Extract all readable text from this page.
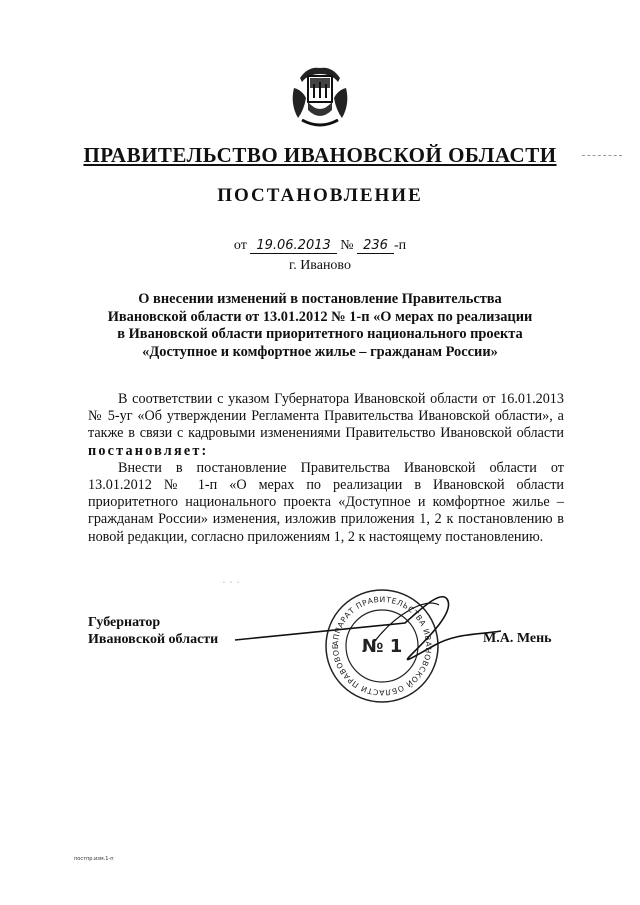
ПРАВИТЕЛЬСТВО ИВАНОВСКОЙ ОБЛАСТИ
ПОСТАНОВЛЕНИЕ
от 19.06.2013 № 236 -п
г. Иваново
О внесении изменений в постановление Правительства
Ивановской области от 13.01.2012 № 1-п «О мерах по реализации
в Ивановской области приоритетного национального проекта
«Доступное и комфортное жилье – гражданам России»

В соответствии с указом Губернатора Ивановской области от 16.01.2013 № 5-уг «Об утверждении Регламента Правительства Ивановской области», а также в связи с кадровыми изменениями Правительство Ивановской области постановляет:

Внести в постановление Правительства Ивановской области от 13.01.2012 № 1-п «О мерах по реализации в Ивановской области приоритетного национального проекта «Доступное и комфортное жилье – гражданам России» изменения, изложив приложения 1, 2 к постановлению в новой редакции, согласно приложениям 1, 2 к настоящему постановлению.

· · ·
Губернатор
Ивановской области	АППАРАТ ПРАВИТЕЛЬСТВА ИВАНОВСКОЙ ОБЛАСТИ ПРАВОВОЕ	№ 1	М.А. Мень
постпр.изм.1-п
